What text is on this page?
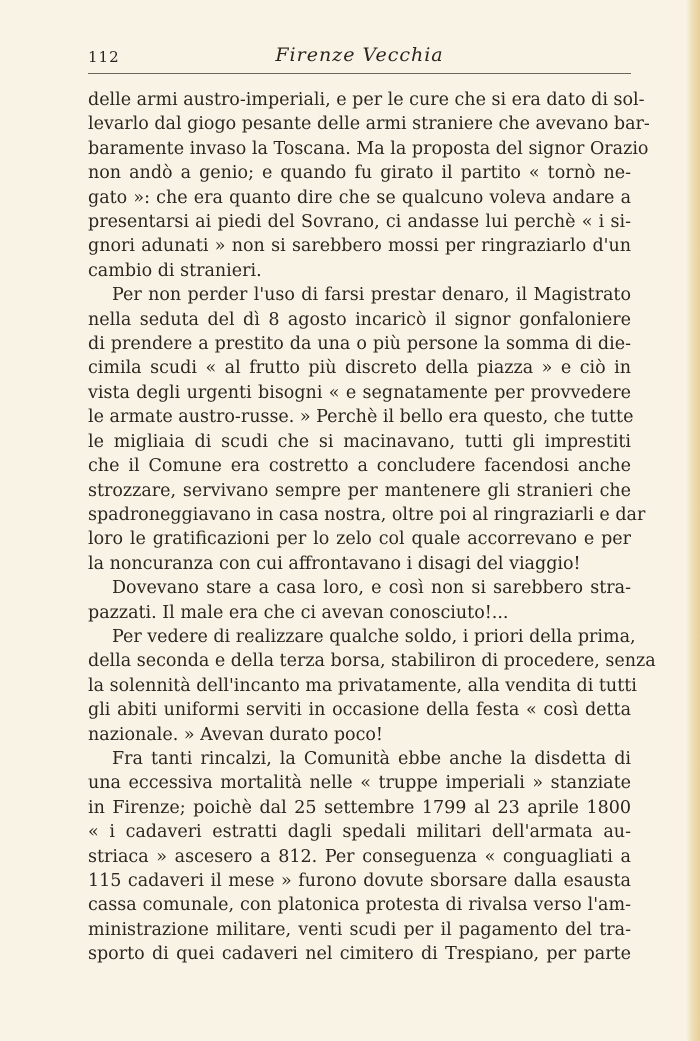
112	Firenze Vecchia
delle armi austro-imperiali, e per le cure che si era dato di sol-
levarlo dal giogo pesante delle armi straniere che avevano bar-
baramente invaso la Toscana. Ma la proposta del signor Orazio
non andò a genio; e quando fu girato il partito « tornò ne-
gato »: che era quanto dire che se qualcuno voleva andare a
presentarsi ai piedi del Sovrano, ci andasse lui perchè « i si-
gnori adunati » non si sarebbero mossi per ringraziarlo d'un
cambio di stranieri.
Per non perder l'uso di farsi prestar denaro, il Magistrato
nella seduta del dì 8 agosto incaricò il signor gonfaloniere
di prendere a prestito da una o più persone la somma di die-
cimila scudi « al frutto più discreto della piazza » e ciò in
vista degli urgenti bisogni « e segnatamente per provvedere
le armate austro-russe. » Perchè il bello era questo, che tutte
le migliaia di scudi che si macinavano, tutti gli imprestiti
che il Comune era costretto a concludere facendosi anche
strozzare, servivano sempre per mantenere gli stranieri che
spadroneggiavano in casa nostra, oltre poi al ringraziarli e dar
loro le gratificazioni per lo zelo col quale accorrevano e per
la noncuranza con cui affrontavano i disagi del viaggio!
Dovevano stare a casa loro, e così non si sarebbero stra-
pazzati. Il male era che ci avevan conosciuto!...
Per vedere di realizzare qualche soldo, i priori della prima,
della seconda e della terza borsa, stabiliron di procedere, senza
la solennità dell'incanto ma privatamente, alla vendita di tutti
gli abiti uniformi serviti in occasione della festa « così detta
nazionale. » Avevan durato poco!
Fra tanti rincalzi, la Comunità ebbe anche la disdetta di
una eccessiva mortalità nelle « truppe imperiali » stanziate
in Firenze; poichè dal 25 settembre 1799 al 23 aprile 1800
« i cadaveri estratti dagli spedali militari dell'armata au-
striaca » ascesero a 812. Per conseguenza « conguagliati a
115 cadaveri il mese » furono dovute sborsare dalla esausta
cassa comunale, con platonica protesta di rivalsa verso l'am-
ministrazione militare, venti scudi per il pagamento del tra-
sporto di quei cadaveri nel cimitero di Trespiano, per parte
